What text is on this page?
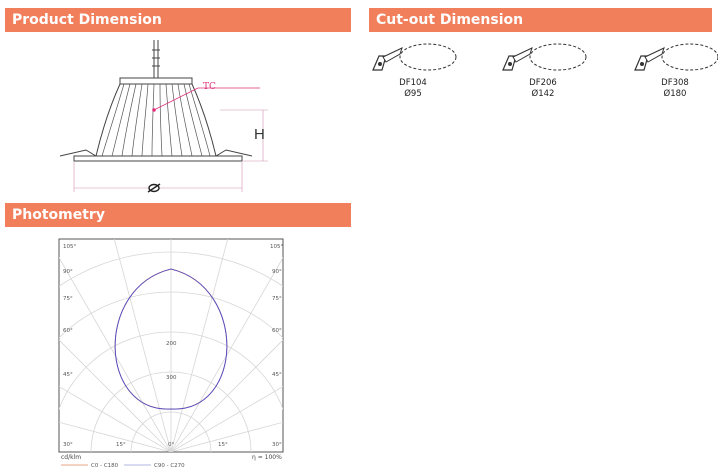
Product Dimension	Cut-out Dimension
Photometry
TC
H
DF104
Ø95
DF206
Ø142
DF308
Ø180
105°
90°
75°
60°
45°
30°
105°
90°
75°
60°
45°
30°
15°	0°	15°
200
300
cd/klm	η = 100%
C0 - C180	C90 - C270
